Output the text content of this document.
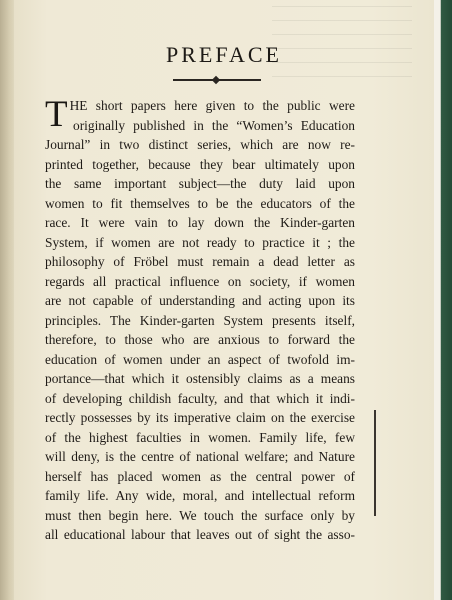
PREFACE
T HE short papers here given to the public were
originally published in the “Women’s Education
Journal” in two distinct series, which are now re-
printed together, because they bear ultimately upon
the same important subject—the duty laid upon
women to fit themselves to be the educators of the
race. It were vain to lay down the Kinder-garten
System, if women are not ready to practice it ; the
philosophy of Fröbel must remain a dead letter as
regards all practical influence on society, if women
are not capable of understanding and acting upon its
principles. The Kinder-garten System presents itself,
therefore, to those who are anxious to forward the
education of women under an aspect of twofold im-
portance—that which it ostensibly claims as a means
of developing childish faculty, and that which it indi-
rectly possesses by its imperative claim on the exercise
of the highest faculties in women. Family life, few
will deny, is the centre of national welfare; and Nature
herself has placed women as the central power of
family life. Any wide, moral, and intellectual reform
must then begin here. We touch the surface only by
all educational labour that leaves out of sight the asso-
